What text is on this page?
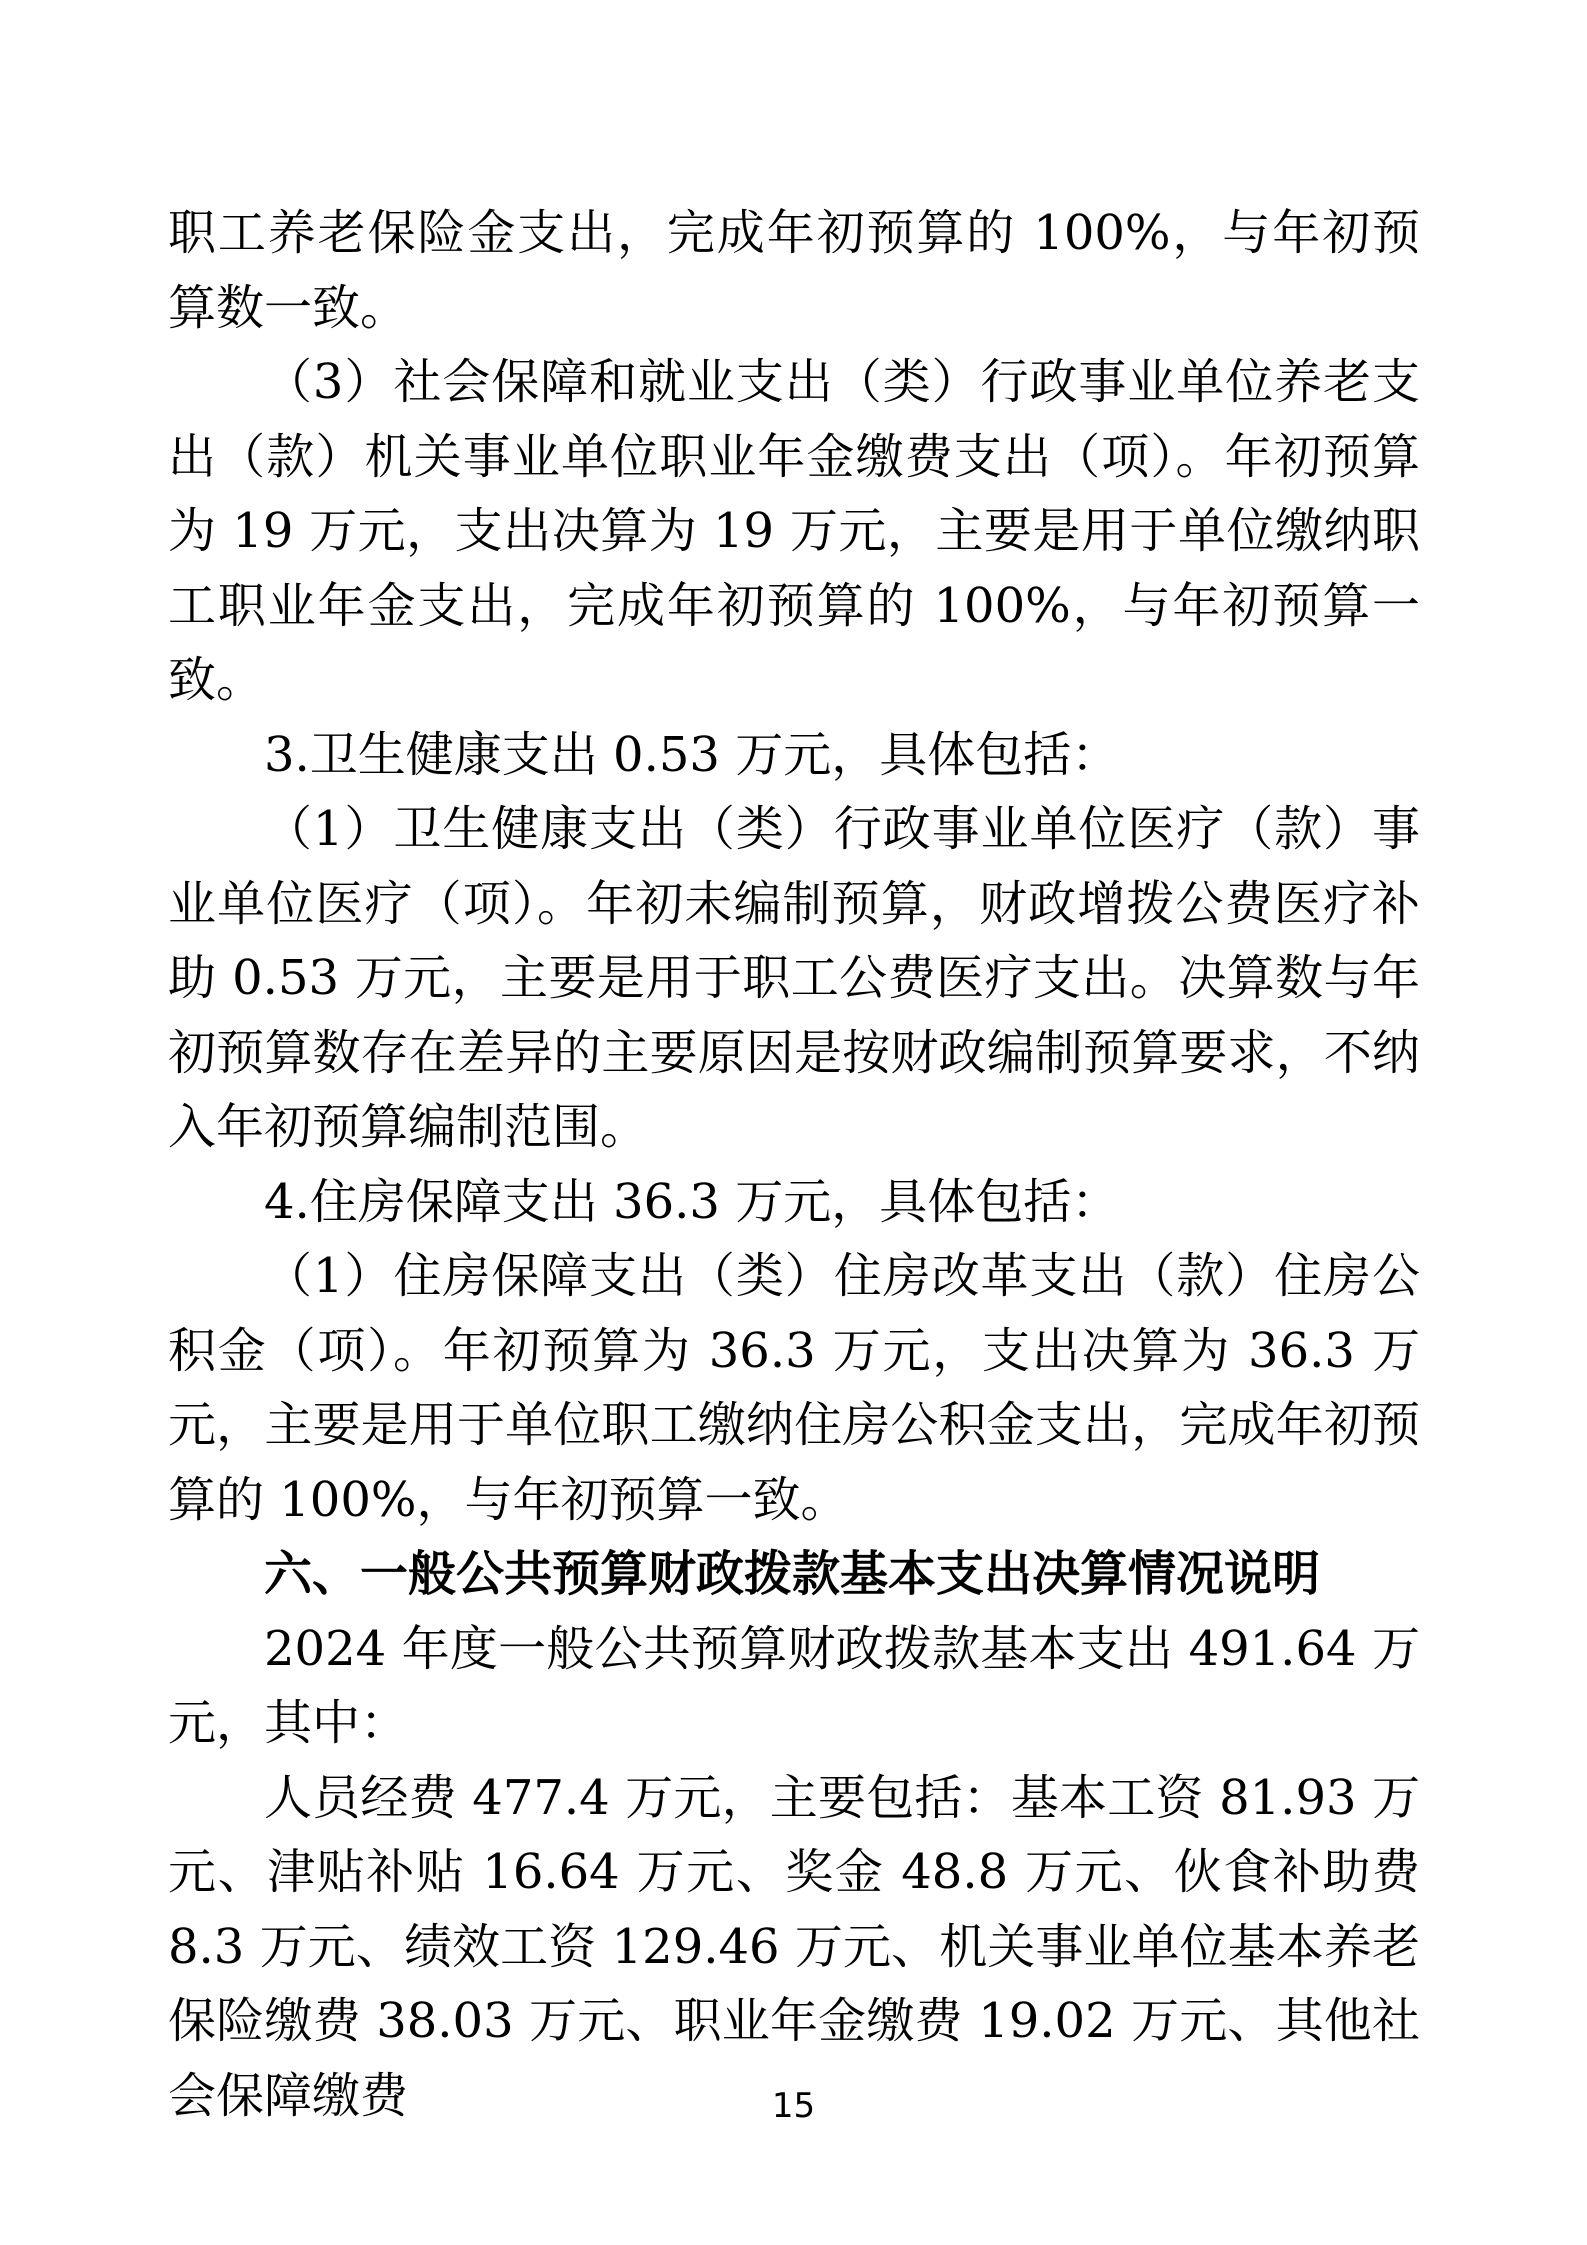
职工养老保险金支出，完成年初预算的 100%，与年初预算数一致。

（3）社会保障和就业支出（类）行政事业单位养老支出（款）机关事业单位职业年金缴费支出（项）。年初预算为 19 万元，支出决算为 19 万元，主要是用于单位缴纳职工职业年金支出，完成年初预算的 100%，与年初预算一致。

3.卫生健康支出 0.53 万元，具体包括：

（1）卫生健康支出（类）行政事业单位医疗（款）事业单位医疗（项）。年初未编制预算，财政增拨公费医疗补助 0.53 万元，主要是用于职工公费医疗支出。决算数与年初预算数存在差异的主要原因是按财政编制预算要求，不纳入年初预算编制范围。

4.住房保障支出 36.3 万元，具体包括：

（1）住房保障支出（类）住房改革支出（款）住房公积金（项）。年初预算为 36.3 万元，支出决算为 36.3 万元，主要是用于单位职工缴纳住房公积金支出，完成年初预算的 100%，与年初预算一致。

六、一般公共预算财政拨款基本支出决算情况说明

2024 年度一般公共预算财政拨款基本支出 491.64 万元，其中：

人员经费 477.4 万元，主要包括：基本工资 81.93 万元、津贴补贴 16.64 万元、奖金 48.8 万元、伙食补助费 8.3 万元、绩效工资 129.46 万元、机关事业单位基本养老保险缴费 38.03 万元、职业年金缴费 19.02 万元、其他社会保障缴费	15
